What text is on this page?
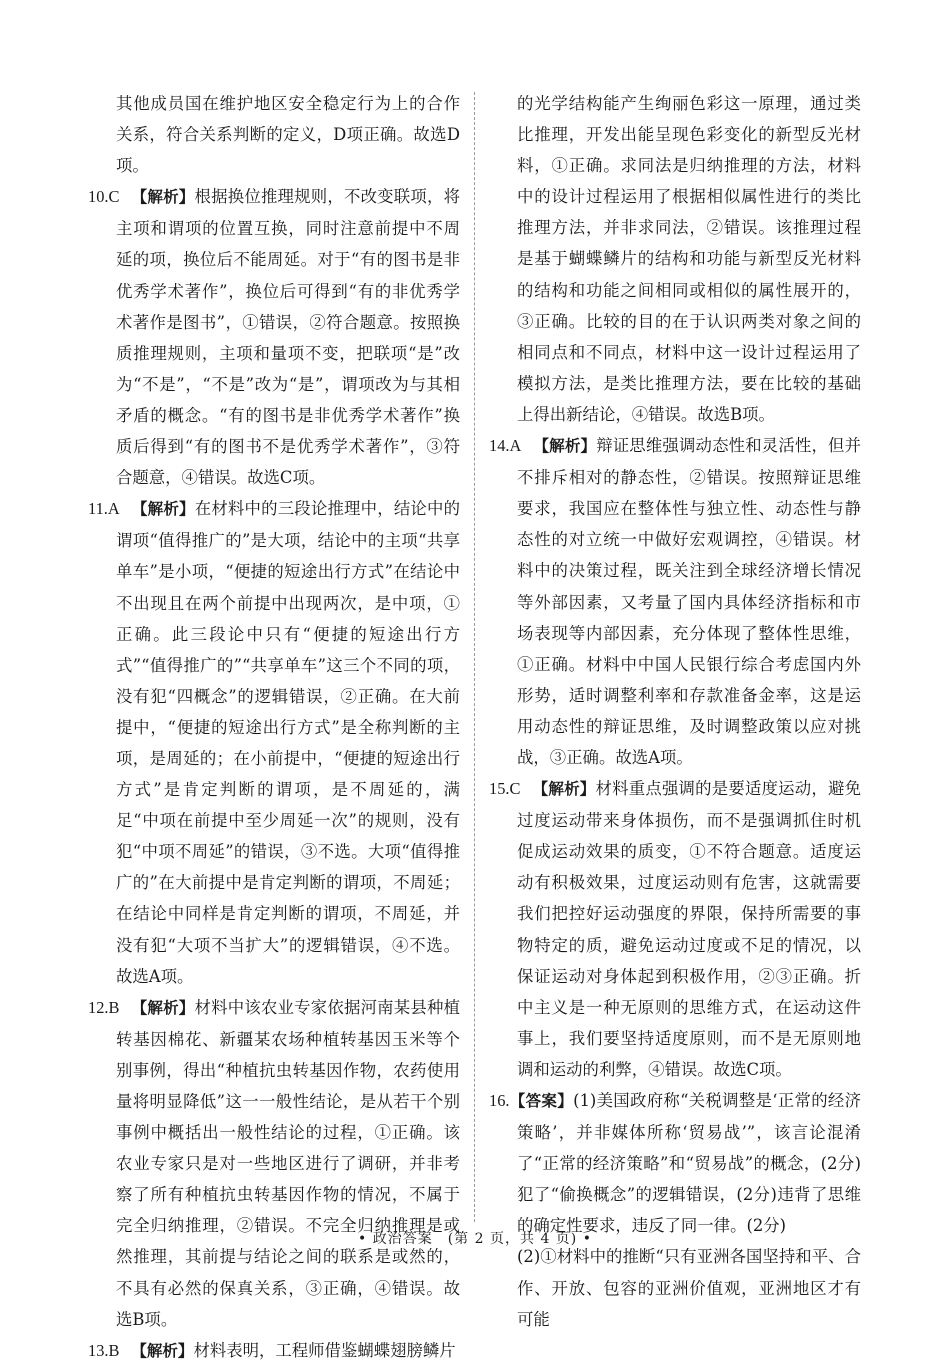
其他成员国在维护地区安全稳定行为上的合作关系，符合关系判断的定义，D项正确。故选D项。

10.C 【解析】根据换位推理规则，不改变联项，将主项和谓项的位置互换，同时注意前提中不周延的项，换位后不能周延。对于“有的图书是非优秀学术著作”，换位后可得到“有的非优秀学术著作是图书”，①错误，②符合题意。按照换质推理规则，主项和量项不变，把联项“是”改为“不是”，“不是”改为“是”，谓项改为与其相矛盾的概念。“有的图书是非优秀学术著作”换质后得到“有的图书不是优秀学术著作”，③符合题意，④错误。故选C项。

11.A 【解析】在材料中的三段论推理中，结论中的谓项“值得推广的”是大项，结论中的主项“共享单车”是小项，“便捷的短途出行方式”在结论中不出现且在两个前提中出现两次，是中项，①正确。此三段论中只有“便捷的短途出行方式”“值得推广的”“共享单车”这三个不同的项，没有犯“四概念”的逻辑错误，②正确。在大前提中，“便捷的短途出行方式”是全称判断的主项，是周延的；在小前提中，“便捷的短途出行方式”是肯定判断的谓项，是不周延的，满足“中项在前提中至少周延一次”的规则，没有犯“中项不周延”的错误，③不选。大项“值得推广的”在大前提中是肯定判断的谓项，不周延；在结论中同样是肯定判断的谓项，不周延，并没有犯“大项不当扩大”的逻辑错误，④不选。故选A项。

12.B 【解析】材料中该农业专家依据河南某县种植转基因棉花、新疆某农场种植转基因玉米等个别事例，得出“种植抗虫转基因作物，农药使用量将明显降低”这一一般性结论，是从若干个别事例中概括出一般性结论的过程，①正确。该农业专家只是对一些地区进行了调研，并非考察了所有种植抗虫转基因作物的情况，不属于完全归纳推理，②错误。不完全归纳推理是或然推理，其前提与结论之间的联系是或然的，不具有必然的保真关系，③正确，④错误。故选B项。

13.B 【解析】材料表明，工程师借鉴蝴蝶翅膀鳞片

的光学结构能产生绚丽色彩这一原理，通过类比推理，开发出能呈现色彩变化的新型反光材料，①正确。求同法是归纳推理的方法，材料中的设计过程运用了根据相似属性进行的类比推理方法，并非求同法，②错误。该推理过程是基于蝴蝶鳞片的结构和功能与新型反光材料的结构和功能之间相同或相似的属性展开的，③正确。比较的目的在于认识两类对象之间的相同点和不同点，材料中这一设计过程运用了模拟方法，是类比推理方法，要在比较的基础上得出新结论，④错误。故选B项。

14.A 【解析】辩证思维强调动态性和灵活性，但并不排斥相对的静态性，②错误。按照辩证思维要求，我国应在整体性与独立性、动态性与静态性的对立统一中做好宏观调控，④错误。材料中的决策过程，既关注到全球经济增长情况等外部因素，又考量了国内具体经济指标和市场表现等内部因素，充分体现了整体性思维，①正确。材料中中国人民银行综合考虑国内外形势，适时调整利率和存款准备金率，这是运用动态性的辩证思维，及时调整政策以应对挑战，③正确。故选A项。

15.C 【解析】材料重点强调的是要适度运动，避免过度运动带来身体损伤，而不是强调抓住时机促成运动效果的质变，①不符合题意。适度运动有积极效果，过度运动则有危害，这就需要我们把控好运动强度的界限，保持所需要的事物特定的质，避免运动过度或不足的情况，以保证运动对身体起到积极作用，②③正确。折中主义是一种无原则的思维方式，在运动这件事上，我们要坚持适度原则，而不是无原则地调和运动的利弊，④错误。故选C项。

16.【答案】(1)美国政府称“关税调整是‘正常的经济策略’，并非媒体所称‘贸易战’”，该言论混淆了“正常的经济策略”和“贸易战”的概念，(2分)犯了“偷换概念”的逻辑错误，(2分)违背了思维的确定性要求，违反了同一律。(2分)

(2)①材料中的推断“只有亚洲各国坚持和平、合作、开放、包容的亚洲价值观，亚洲地区才有可能

• 政治答案　(第 2 页，共 4 页) •
